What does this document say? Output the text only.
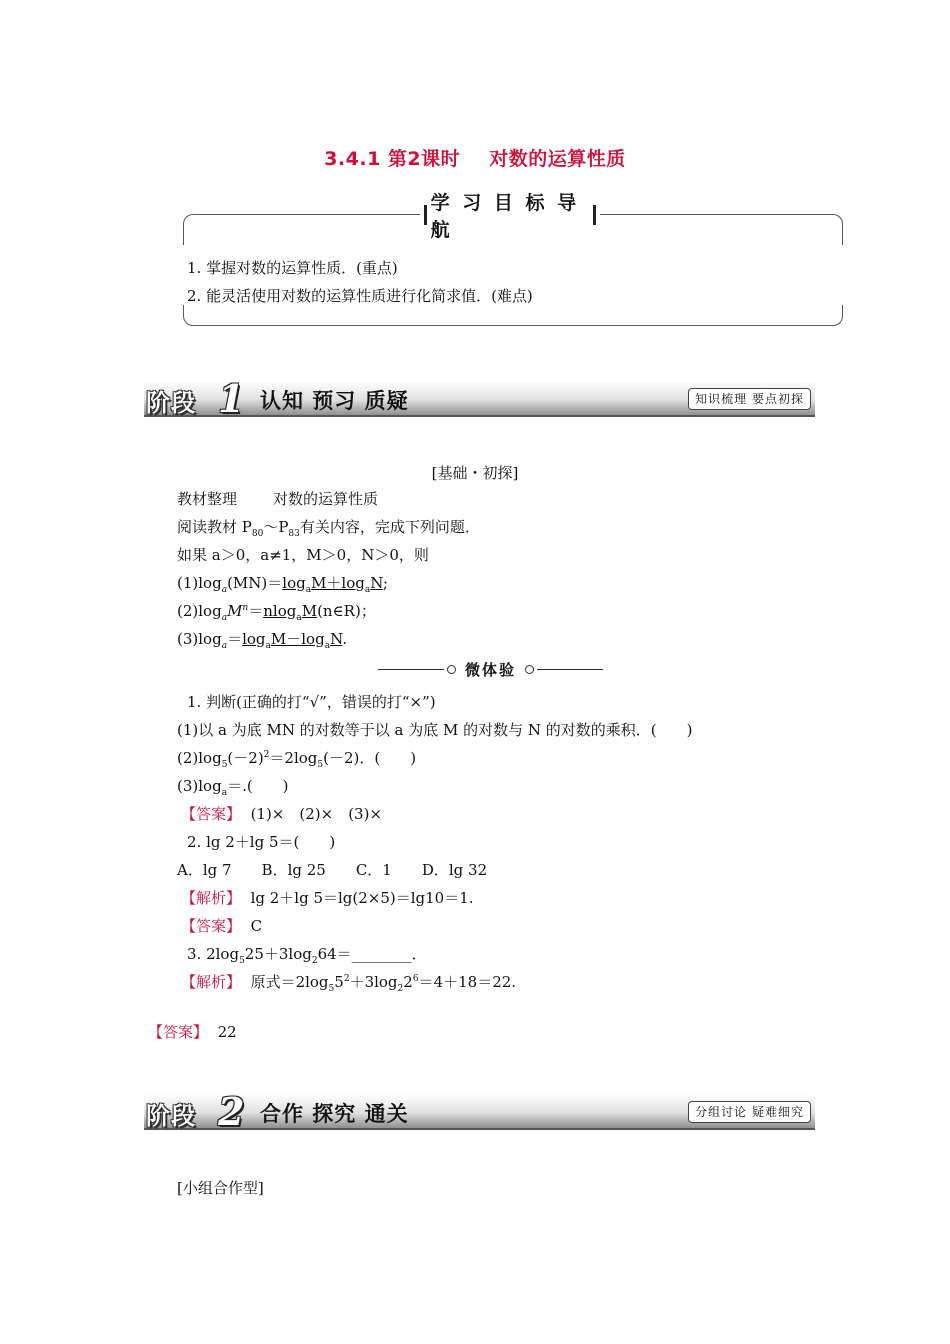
3.4.1 第2课时 对数的运算性质
学 习 目 标 导 航
1. 掌握对数的运算性质．(重点)
2. 能灵活使用对数的运算性质进行化简求值．(难点)
阶段 1 认知 预习 质疑	知识梳理 要点初探
[基础・初探]
教材整理 对数的运算性质
阅读教材 $P_{80}\sim P_{83}$有关内容，完成下列问题．
如果 a＞0，a≠1，M＞0，N＞0，则
$(1)\log_a(MN)=\log_aM+\log_aN$;
$(2)\log_aM^n=nlog_aM(n\in R)$；
$(3)\log_a=\log_aM-\log_aN$.
微体验
1. 判断(正确的打“√”，错误的打“×”)
(1)以 a 为底 MN 的对数等于以 a 为底 M 的对数与 N 的对数的乘积．(　　)
$(2)\log_5(-2)^2=2\log_5(-2)$．(　　)
$(3)\log_a=$.(　　)
【答案】 (1)×　(2)×　(3)×
2. lg 2＋lg 5＝(　　)
A．lg 7　　B．lg 25　　C．1　　D．lg 32
【解析】 lg 2＋lg 5＝lg(2×5)＝lg10＝1.
【答案】 C
3. $2\log_525+3\log_264=\_\_\_\_\_\_\_\_$．
【解析】 原式$=2\log_55^2+3\log_22^6=4+18=22$.
【答案】 22
阶段 2 合作 探究 通关	分组讨论 疑难细究
[小组合作型]
